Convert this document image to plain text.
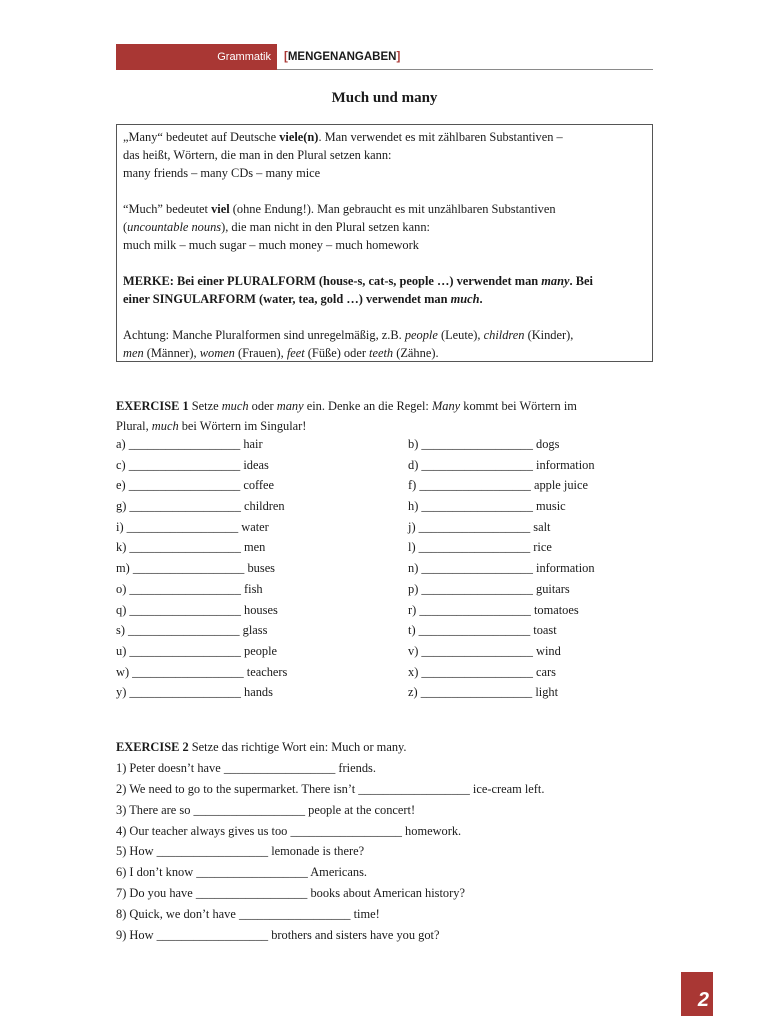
Grammatik	[ MENGENANGABEN ]
Much und many

„Many“ bedeutet auf Deutsche viele(n). Man verwendet es mit zählbaren Substantiven –

das heißt, Wörtern, die man in den Plural setzen kann:

many friends – many CDs – many mice

“Much” bedeutet viel (ohne Endung!). Man gebraucht es mit unzählbaren Substantiven

(uncountable nouns), die man nicht in den Plural setzen kann:

much milk – much sugar – much money – much homework

MERKE: Bei einer PLURALFORM (house-s, cat-s, people …) verwendet man many. Bei

einer SINGULARFORM (water, tea, gold …) verwendet man much.

Achtung: Manche Pluralformen sind unregelmäßig, z.B. people (Leute), children (Kinder),

men (Männer), women (Frauen), feet (Füße) oder teeth (Zähne).

EXERCISE 1 Setze much oder many ein. Denke an die Regel: Many kommt bei Wörtern im

Plural, much bei Wörtern im Singular!

a) __________________ hair	b) __________________ dogs
c) __________________ ideas	d) __________________ information
e) __________________ coffee	f) __________________ apple juice
g) __________________ children	h) __________________ music
i) __________________ water	j) __________________ salt
k) __________________ men	l) __________________ rice
m) __________________ buses	n) __________________ information
o) __________________ fish	p) __________________ guitars
q) __________________ houses	r) __________________ tomatoes
s) __________________ glass	t) __________________ toast
u) __________________ people	v) __________________ wind
w) __________________ teachers	x) __________________ cars
y) __________________ hands	z) __________________ light
EXERCISE 2 Setze das richtige Wort ein: Much or many.
1) Peter doesn’t have __________________ friends.
2) We need to go to the supermarket. There isn’t __________________ ice-cream left.
3) There are so __________________ people at the concert!
4) Our teacher always gives us too __________________ homework.
5) How __________________ lemonade is there?
6) I don’t know __________________ Americans.
7) Do you have __________________ books about American history?
8) Quick, we don’t have __________________ time!
9) How __________________ brothers and sisters have you got?
2
